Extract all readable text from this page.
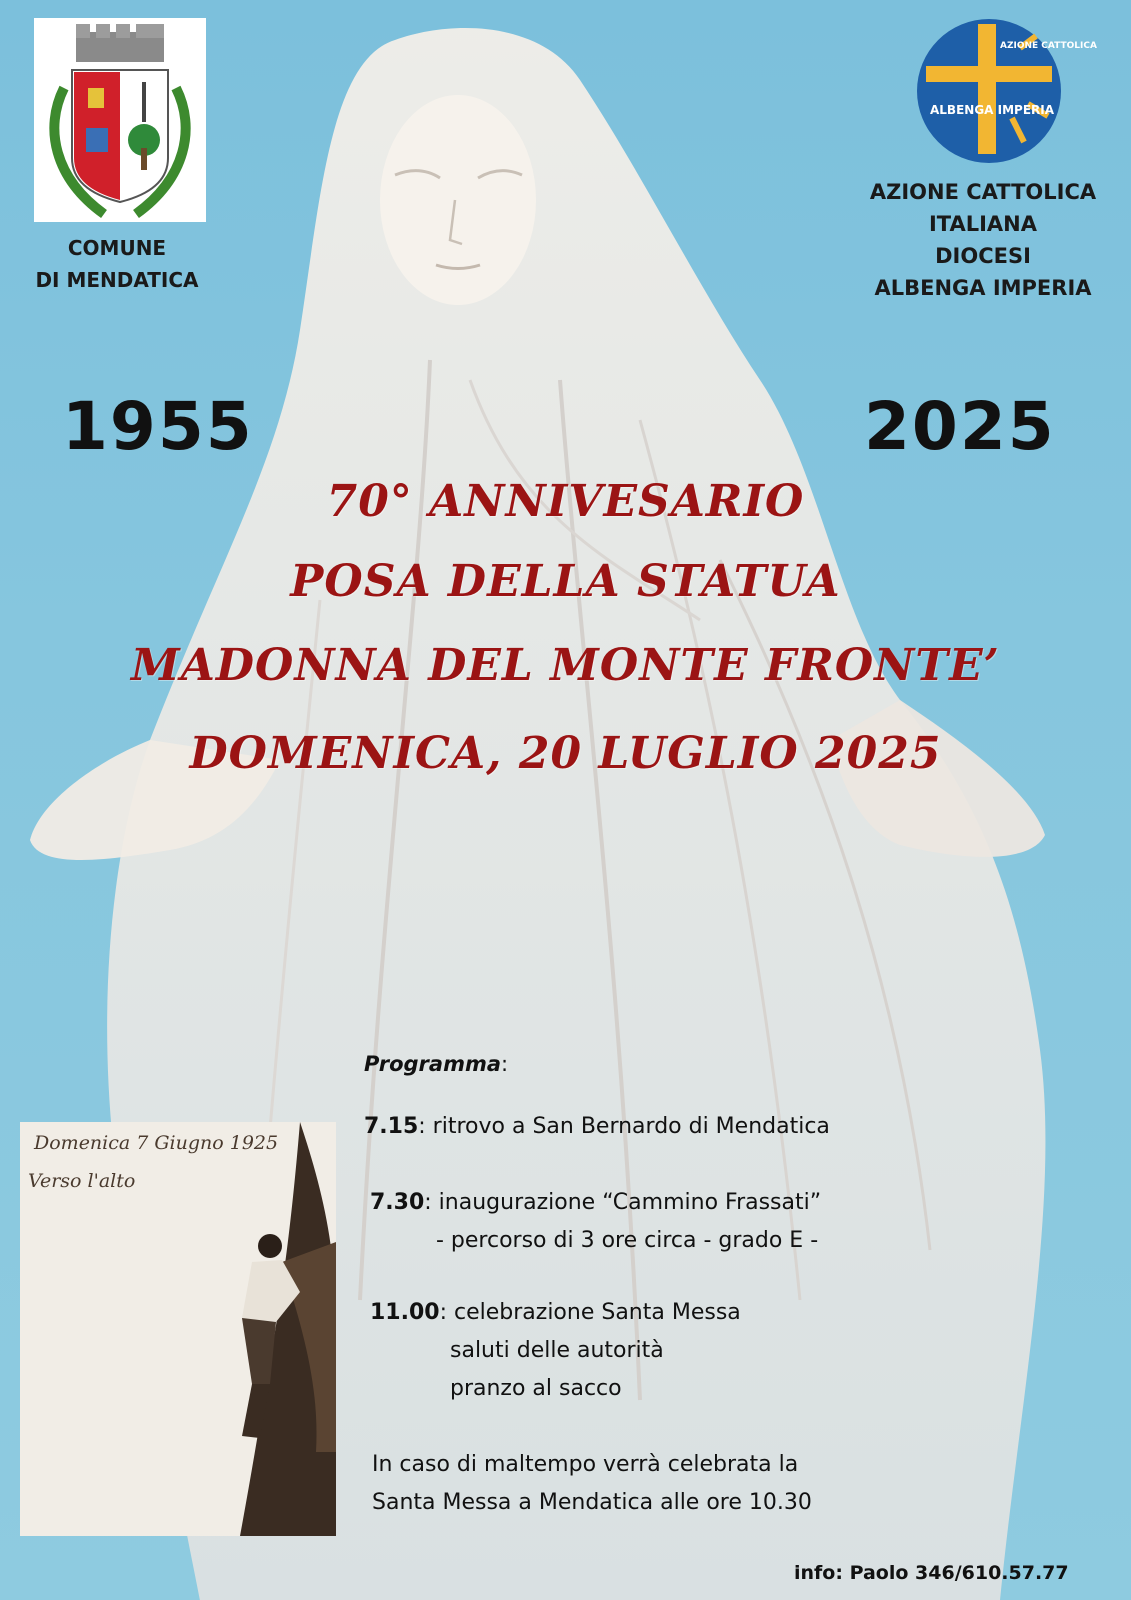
COMUNE
DI MENDATICA
AZIONE CATTOLICA
ALBENGA IMPERIA
AZIONE CATTOLICA
ITALIANA
DIOCESI
ALBENGA IMPERIA
1955	2025
70° ANNIVESARIO
POSA DELLA STATUA
MADONNA DEL MONTE FRONTE’
DOMENICA, 20 LUGLIO 2025
Domenica 7 Giugno 1925
Verso l'alto
Programma:
7.15: ritrovo a San Bernardo di Mendatica
7.30: inaugurazione “Cammino Frassati”
- percorso di 3 ore circa - grado E -
11.00: celebrazione Santa Messa
saluti delle autorità
pranzo al sacco
In caso di maltempo verrà celebrata la
Santa Messa a Mendatica alle ore 10.30
info: Paolo 346/610.57.77
